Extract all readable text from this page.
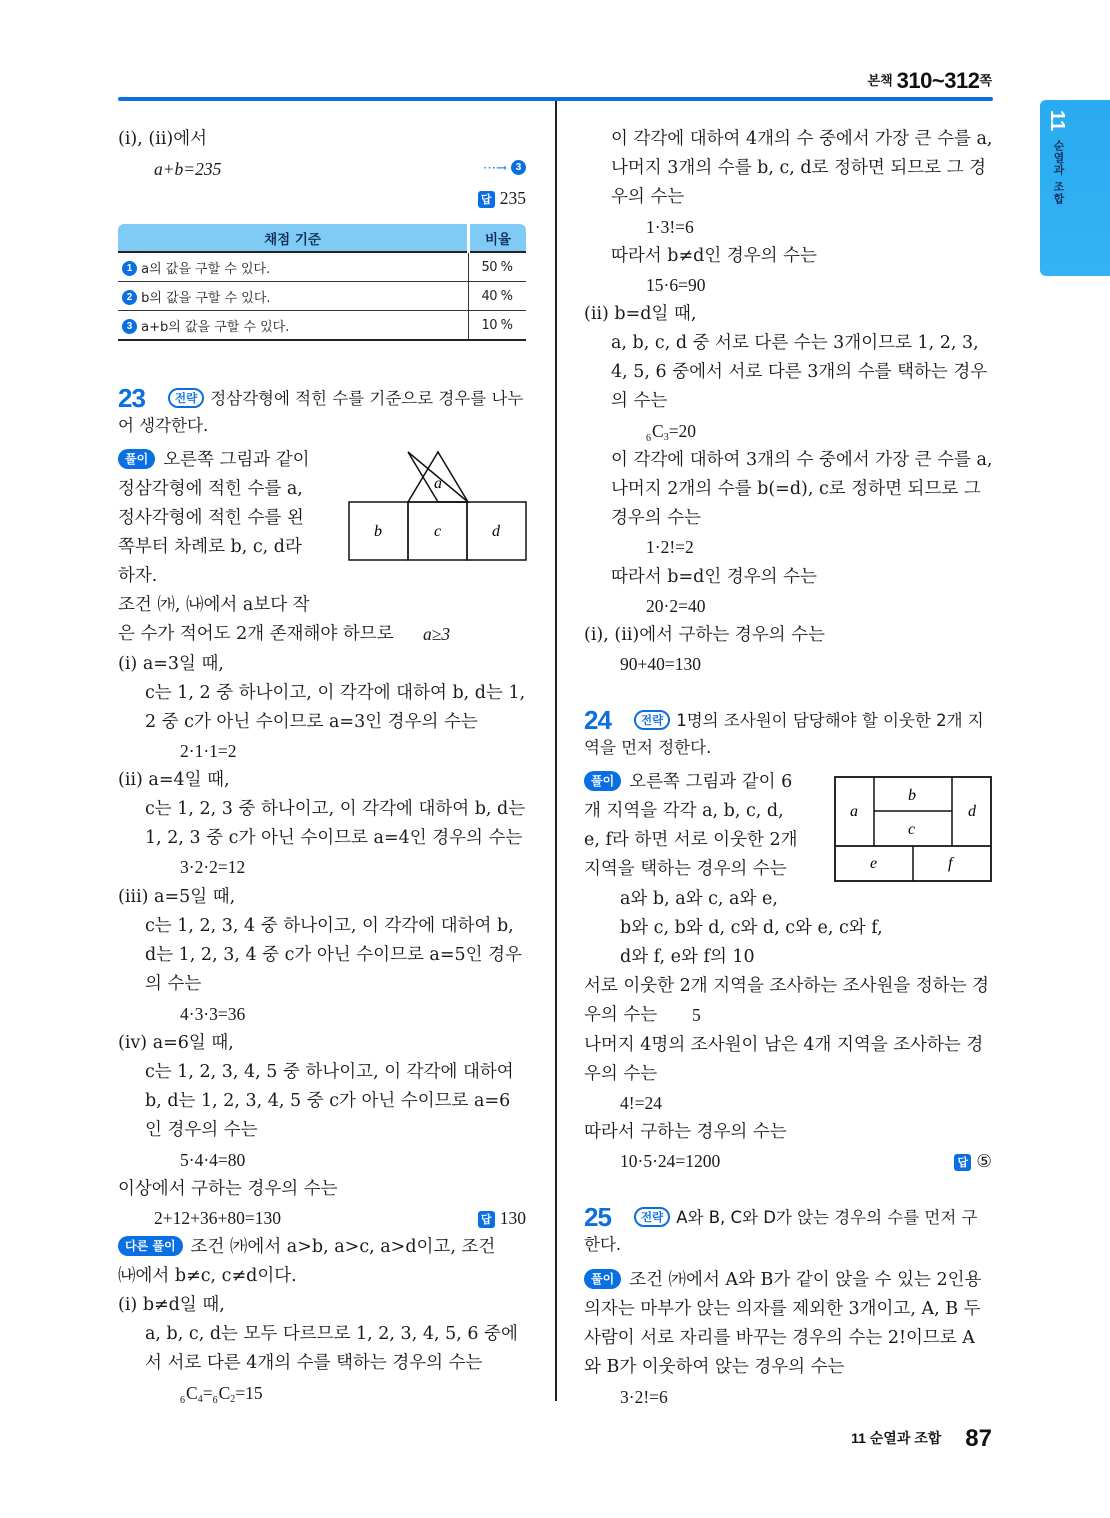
본책 310~312쪽
11
순열과 조합
(ⅰ), (ⅱ)에서
a+b=235	⋯→ 3
답 235
채점 기준	비율
1 a의 값을 구할 수 있다.	50 %
2 b의 값을 구할 수 있다.	40 %
3 a+b의 값을 구할 수 있다.	10 %
23	전략 정삼각형에 적힌 수를 기준으로 경우를 나누
어 생각한다.
풀이 오른쪽 그림과 같이
정삼각형에 적힌 수를 a,
정사각형에 적힌 수를 왼
쪽부터 차례로 b, c, d라
하자.
조건 ㈎, ㈏에서 a보다 작
은 수가 적어도 2개 존재해야 하므로 a≥3
a
b	c	d
(ⅰ) a=3일 때,
c는 1, 2 중 하나이고, 이 각각에 대하여 b, d는 1,
2 중 c가 아닌 수이므로 a=3인 경우의 수는
2·1·1=2
(ⅱ) a=4일 때,
c는 1, 2, 3 중 하나이고, 이 각각에 대하여 b, d는
1, 2, 3 중 c가 아닌 수이므로 a=4인 경우의 수는
3·2·2=12
(ⅲ) a=5일 때,
c는 1, 2, 3, 4 중 하나이고, 이 각각에 대하여 b,
d는 1, 2, 3, 4 중 c가 아닌 수이므로 a=5인 경우
의 수는
4·3·3=36
(ⅳ) a=6일 때,
c는 1, 2, 3, 4, 5 중 하나이고, 이 각각에 대하여
b, d는 1, 2, 3, 4, 5 중 c가 아닌 수이므로 a=6
인 경우의 수는
5·4·4=80
이상에서 구하는 경우의 수는
2+12+36+80=130	답 130
다른 풀이 조건 ㈎에서 a>b, a>c, a>d이고, 조건
㈏에서 b≠c, c≠d이다.
(ⅰ) b≠d일 때,
a, b, c, d는 모두 다르므로 1, 2, 3, 4, 5, 6 중에
서 서로 다른 4개의 수를 택하는 경우의 수는
$_6C_4=_6C_2=15$
이 각각에 대하여 4개의 수 중에서 가장 큰 수를 a,
나머지 3개의 수를 b, c, d로 정하면 되므로 그 경
우의 수는
1·3!=6
따라서 b≠d인 경우의 수는
15·6=90
(ⅱ) b=d일 때,
a, b, c, d 중 서로 다른 수는 3개이므로 1, 2, 3,
4, 5, 6 중에서 서로 다른 3개의 수를 택하는 경우
의 수는
$_6C_3=20$
이 각각에 대하여 3개의 수 중에서 가장 큰 수를 a,
나머지 2개의 수를 b(=d), c로 정하면 되므로 그
경우의 수는
1·2!=2
따라서 b=d인 경우의 수는
20·2=40
(ⅰ), (ⅱ)에서 구하는 경우의 수는
90+40=130
24	전략 1명의 조사원이 담당해야 할 이웃한 2개 지
역을 먼저 정한다.
풀이 오른쪽 그림과 같이 6
개 지역을 각각 a, b, c, d,
e, f라 하면 서로 이웃한 2개
지역을 택하는 경우의 수는
a
b
c
d
e	f
a와 b, a와 c, a와 e,
b와 c, b와 d, c와 d, c와 e, c와 f,
d와 f, e와 f의 10
서로 이웃한 2개 지역을 조사하는 조사원을 정하는 경
우의 수는 5
나머지 4명의 조사원이 남은 4개 지역을 조사하는 경
우의 수는
4!=24
따라서 구하는 경우의 수는
10·5·24=1200	답 ⑤
25	전략 A와 B, C와 D가 앉는 경우의 수를 먼저 구
한다.
풀이 조건 ㈎에서 A와 B가 같이 앉을 수 있는 2인용
의자는 마부가 앉는 의자를 제외한 3개이고, A, B 두
사람이 서로 자리를 바꾸는 경우의 수는 2!이므로 A
와 B가 이웃하여 앉는 경우의 수는
3·2!=6
11 순열과 조합 87
